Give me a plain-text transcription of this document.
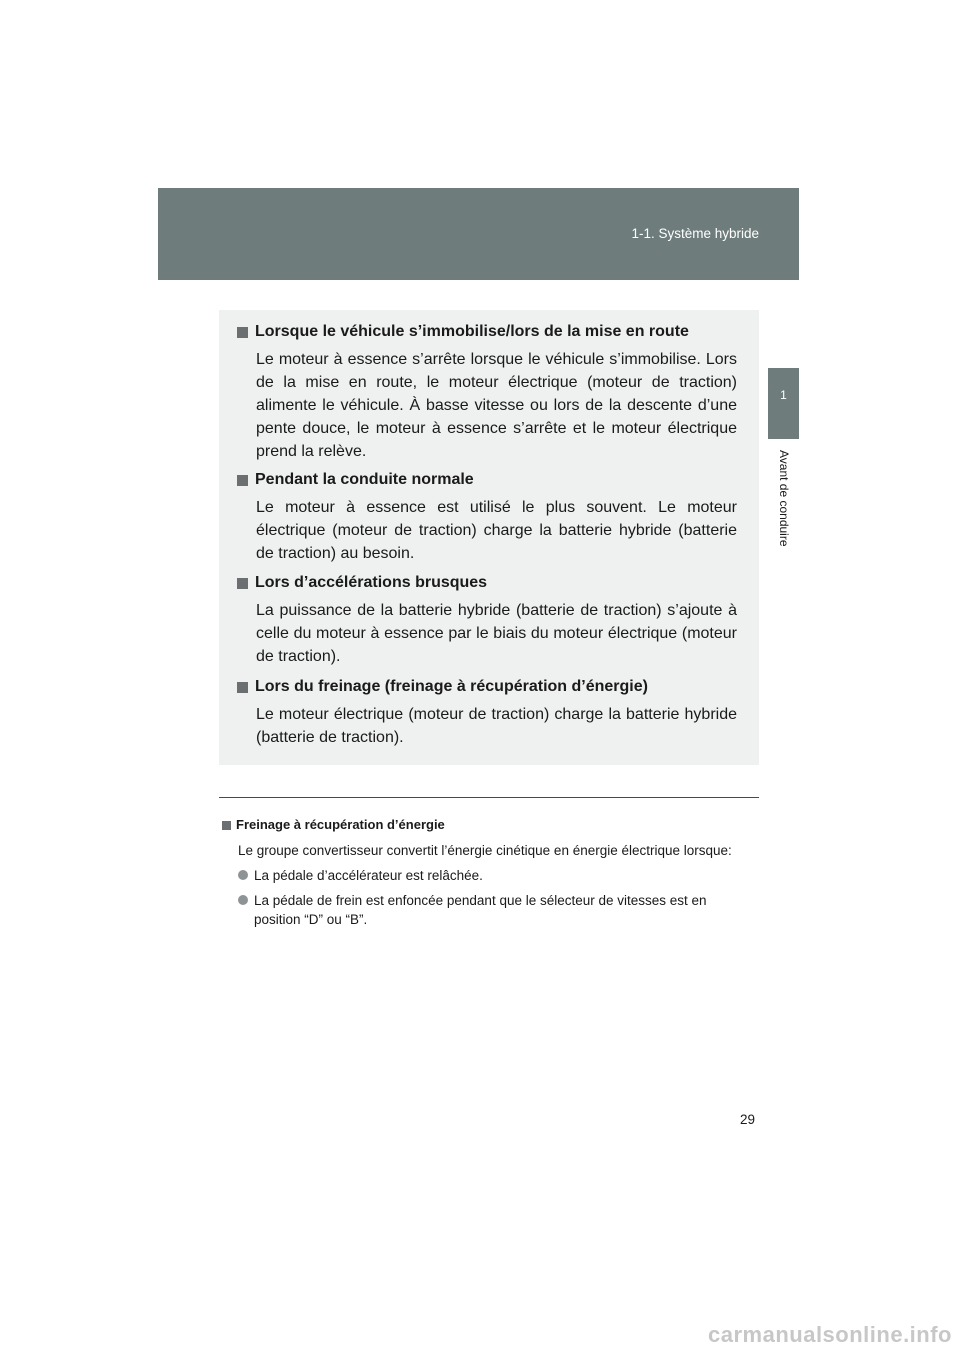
1-1. Système hybride
1
Avant de conduire
Lorsque le véhicule s’immobilise/lors de la mise en route
Le moteur à essence s’arrête lorsque le véhicule s’immobilise. Lors de la mise en route, le moteur électrique (moteur de traction) alimente le véhicule. À basse vitesse ou lors de la descente d’une pente douce, le moteur à essence s’arrête et le moteur électrique prend la relève.
Pendant la conduite normale
Le moteur à essence est utilisé le plus souvent. Le moteur électrique (moteur de traction) charge la batterie hybride (batterie de traction) au besoin.
Lors d’accélérations brusques
La puissance de la batterie hybride (batterie de traction) s’ajoute à celle du moteur à essence par le biais du moteur électrique (moteur de traction).
Lors du freinage (freinage à récupération d’énergie)
Le moteur électrique (moteur de traction) charge la batterie hybride (batterie de traction).
Freinage à récupération d’énergie
Le groupe convertisseur convertit l’énergie cinétique en énergie électrique lorsque:
La pédale d’accélérateur est relâchée.
La pédale de frein est enfoncée pendant que le sélecteur de vitesses est en position “D” ou “B”.
29
carmanualsonline.info
